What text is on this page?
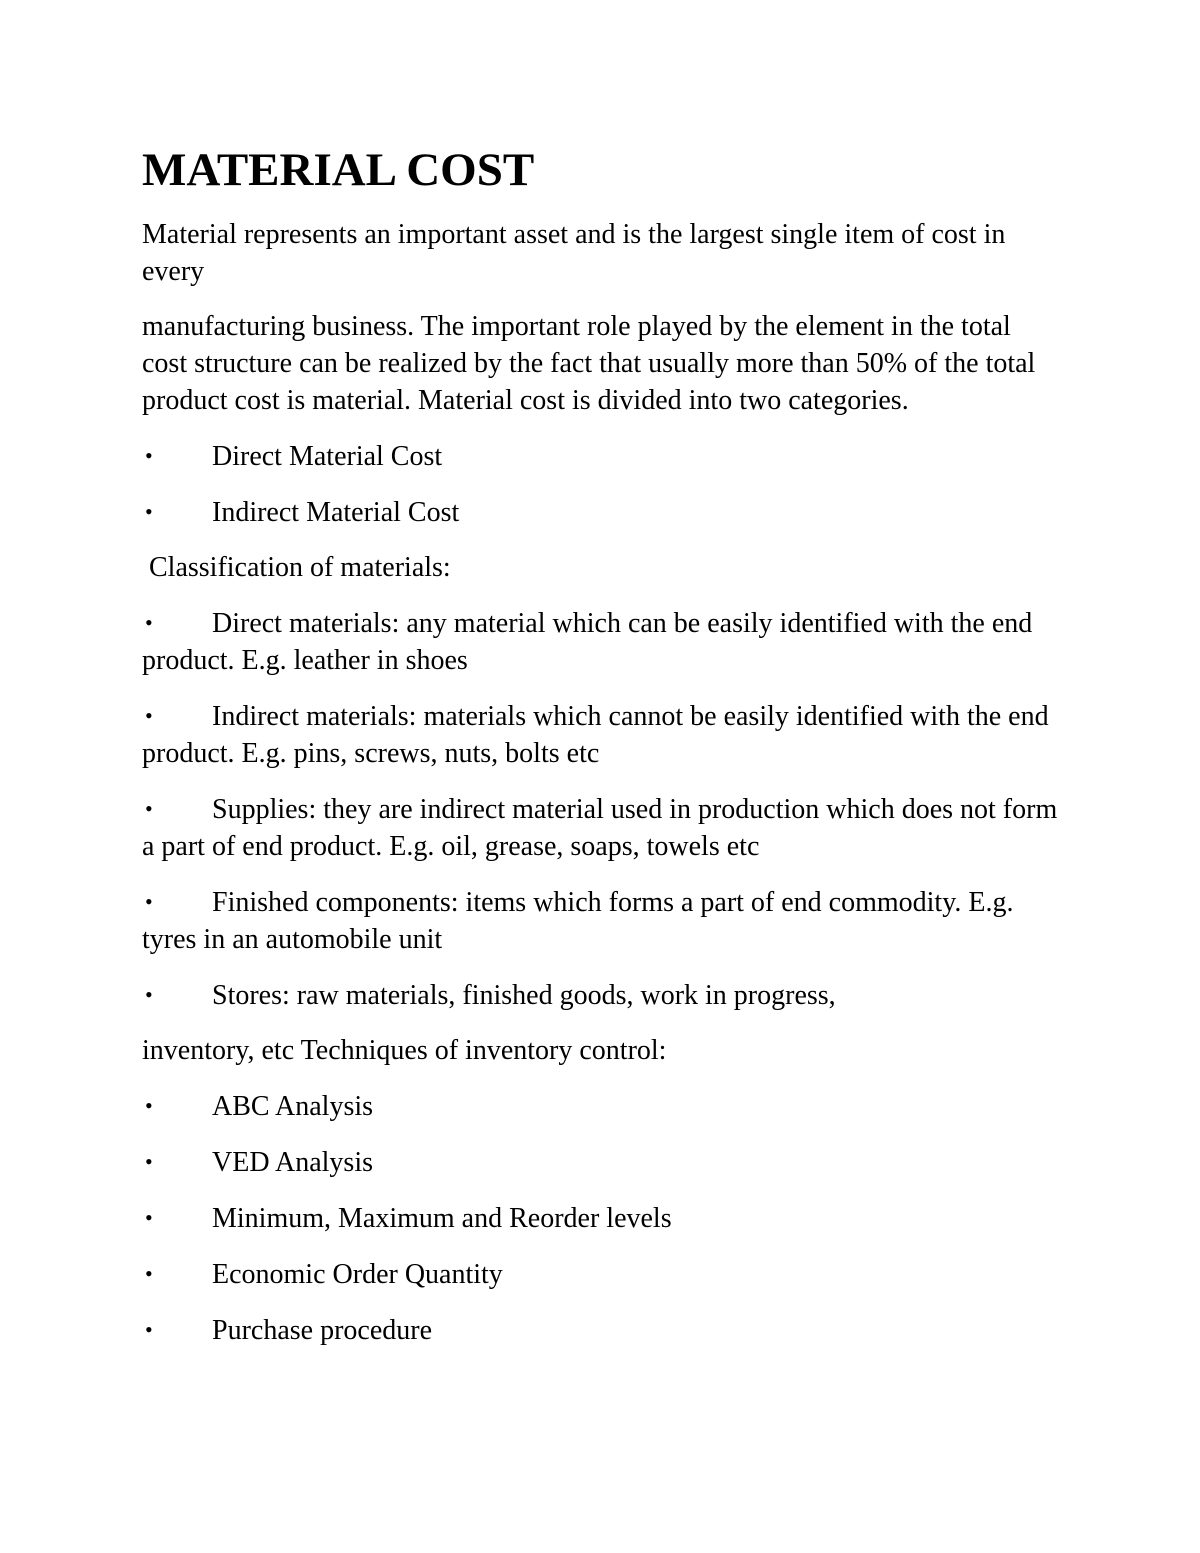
MATERIAL COST

Material represents an important asset and is the largest single item of cost in every

manufacturing business. The important role played by the element in the total cost structure can be realized by the fact that usually more than 50% of the total product cost is material. Material cost is divided into two categories.

•Direct Material Cost

•Indirect Material Cost

Classification of materials:

•Direct materials: any material which can be easily identified with the end product. E.g. leather in shoes

•Indirect materials: materials which cannot be easily identified with the end product. E.g. pins, screws, nuts, bolts etc

•Supplies: they are indirect material used in production which does not form a part of end product. E.g. oil, grease, soaps, towels etc

•Finished components: items which forms a part of end commodity. E.g. tyres in an automobile unit

•Stores: raw materials, finished goods, work in progress,

inventory, etc Techniques of inventory control:

•ABC Analysis

•VED Analysis

•Minimum, Maximum and Reorder levels

•Economic Order Quantity

•Purchase procedure
